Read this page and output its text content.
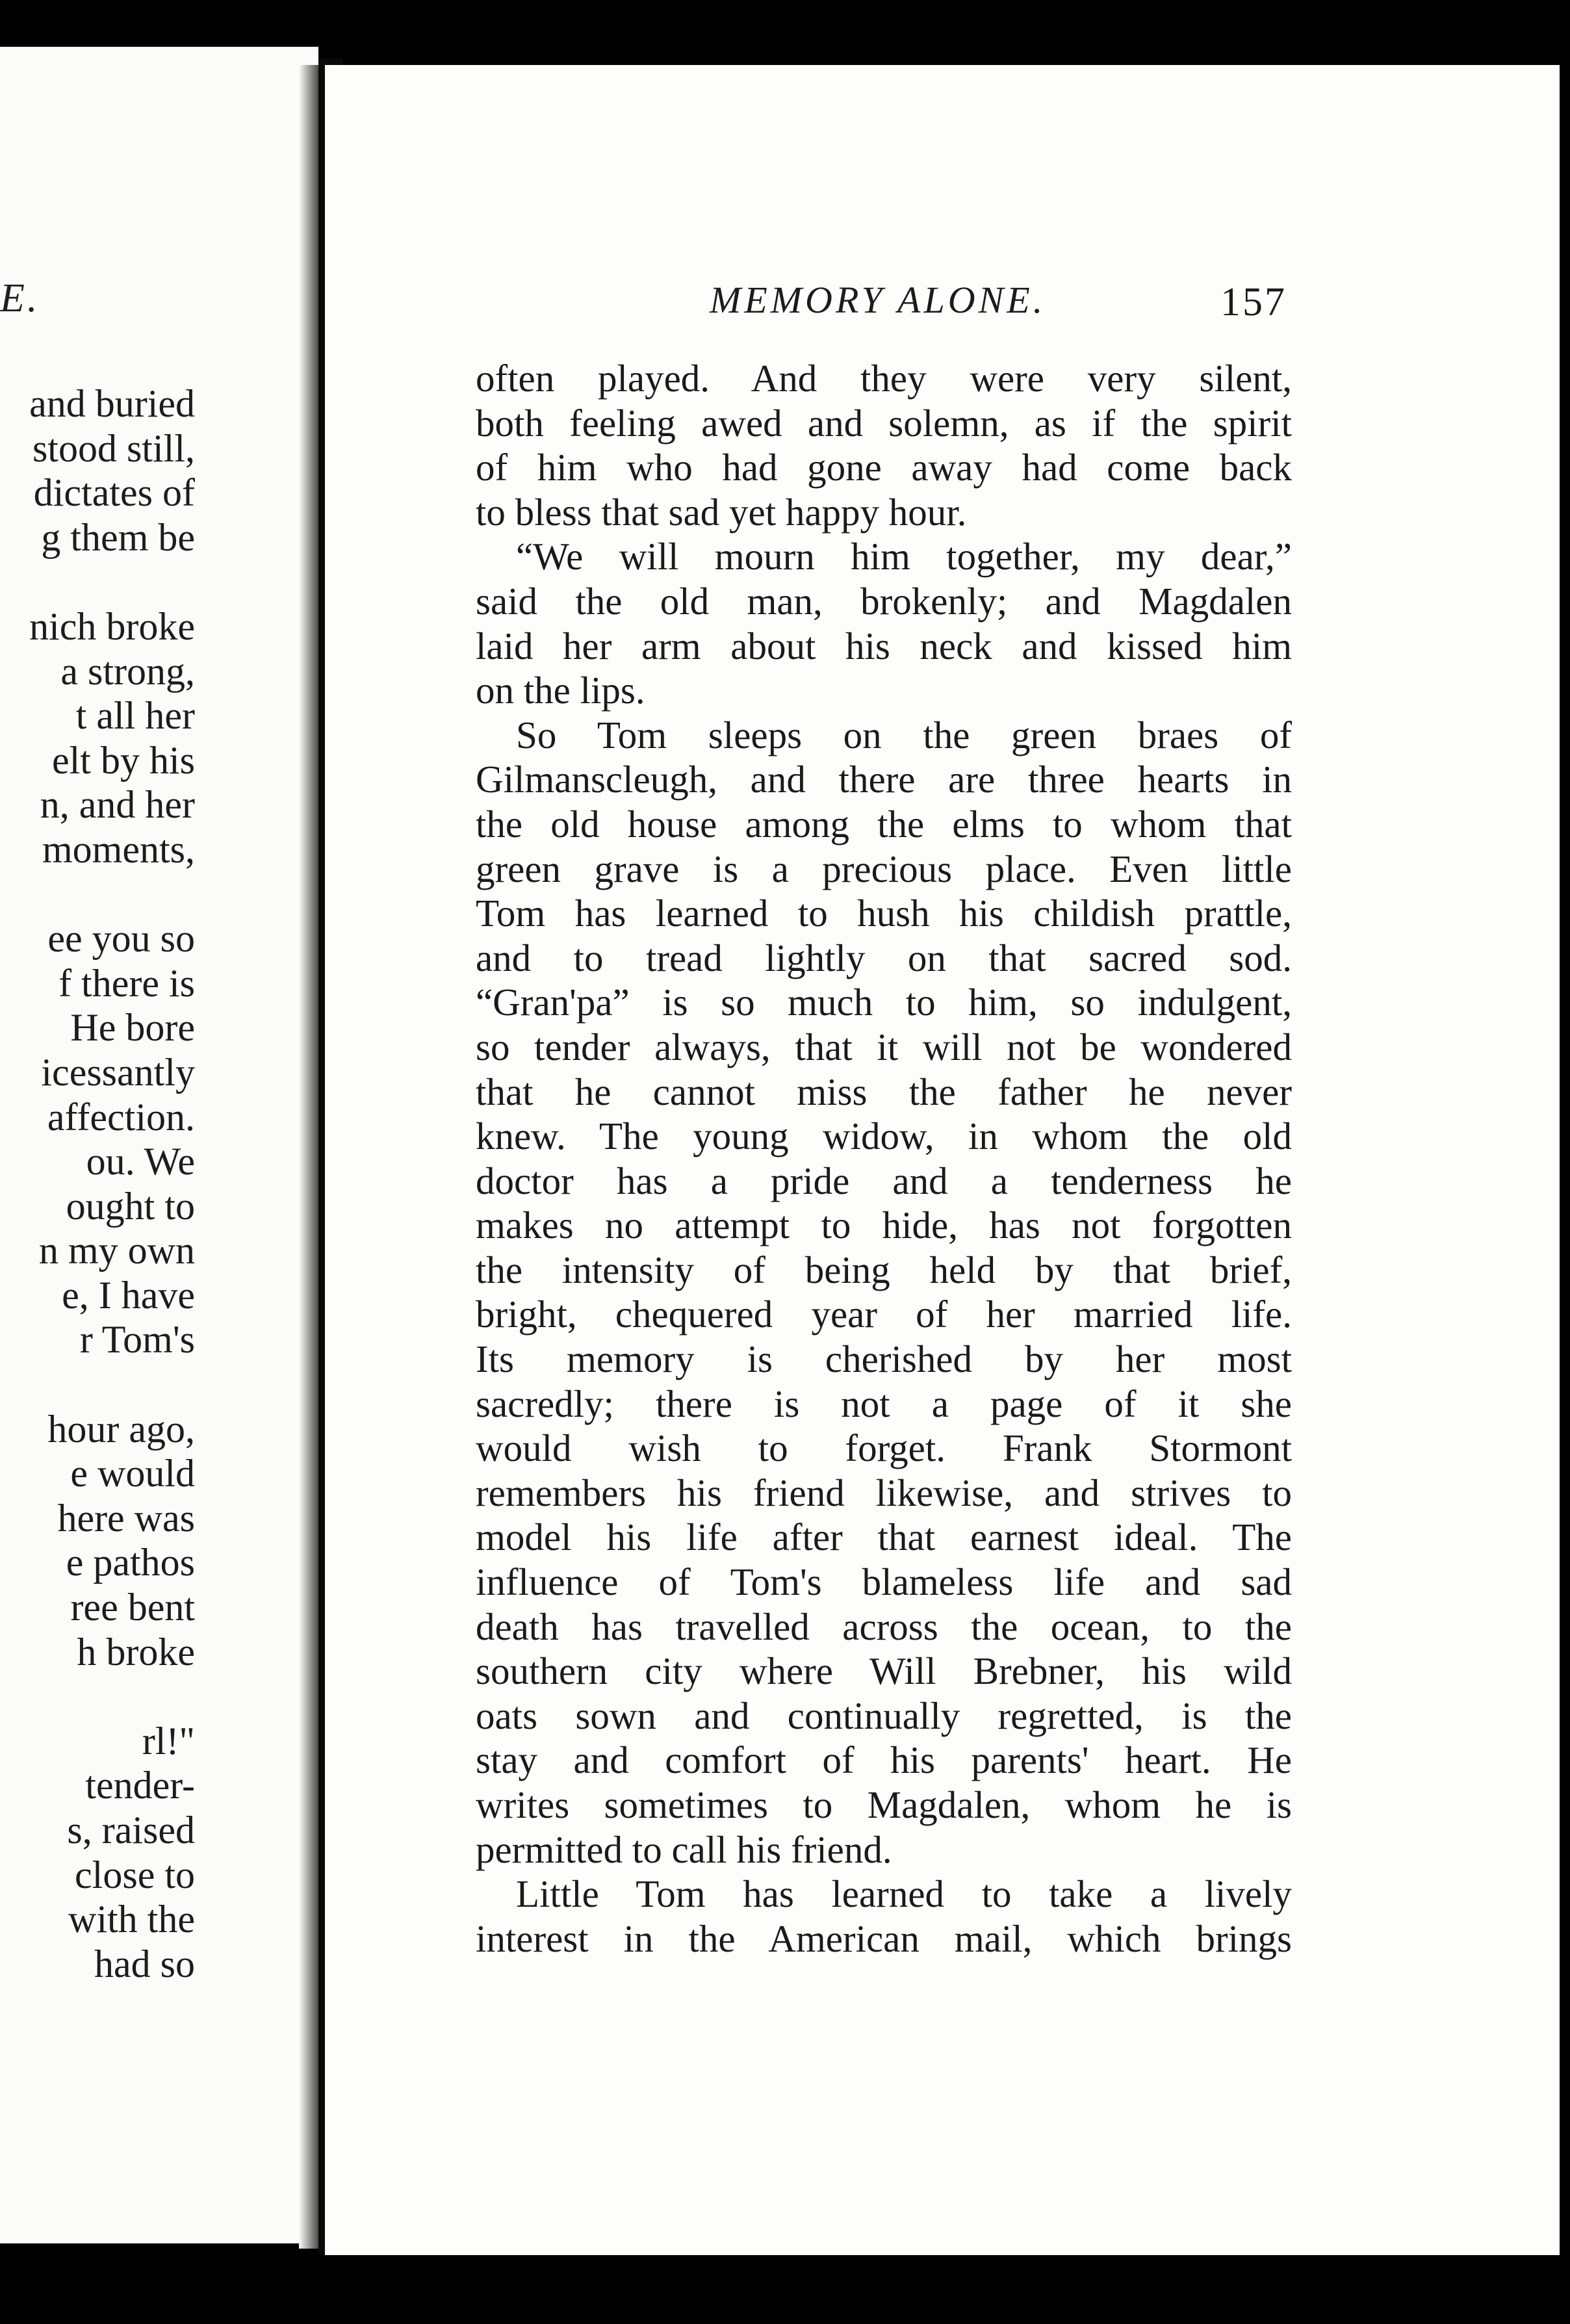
E.
and buried
stood still,
dictates of
g them be
nich broke
a strong,
t all her
elt by his
n, and her
moments,
ee you so
f there is
He bore
icessantly
affection.
ou. We
ought to
n my own
e, I have
r Tom's
hour ago,
e would
here was
e pathos
ree bent
h broke
rl!"
tender-
s, raised
close to
with the
had so
MEMORY ALONE.	157
often played. And they were very silent,
both feeling awed and solemn, as if the spirit
of him who had gone away had come back
to bless that sad yet happy hour.
“We will mourn him together, my dear,”
said the old man, brokenly; and Magdalen
laid her arm about his neck and kissed him
on the lips.
So Tom sleeps on the green braes of
Gilmanscleugh, and there are three hearts in
the old house among the elms to whom that
green grave is a precious place. Even little
Tom has learned to hush his childish prattle,
and to tread lightly on that sacred sod.
“Gran'pa” is so much to him, so indulgent,
so tender always, that it will not be wondered
that he cannot miss the father he never
knew. The young widow, in whom the old
doctor has a pride and a tenderness he
makes no attempt to hide, has not forgotten
the intensity of being held by that brief,
bright, chequered year of her married life.
Its memory is cherished by her most
sacredly; there is not a page of it she
would wish to forget. Frank Stormont
remembers his friend likewise, and strives to
model his life after that earnest ideal. The
influence of Tom's blameless life and sad
death has travelled across the ocean, to the
southern city where Will Brebner, his wild
oats sown and continually regretted, is the
stay and comfort of his parents' heart. He
writes sometimes to Magdalen, whom he is
permitted to call his friend.
Little Tom has learned to take a lively
interest in the American mail, which brings
